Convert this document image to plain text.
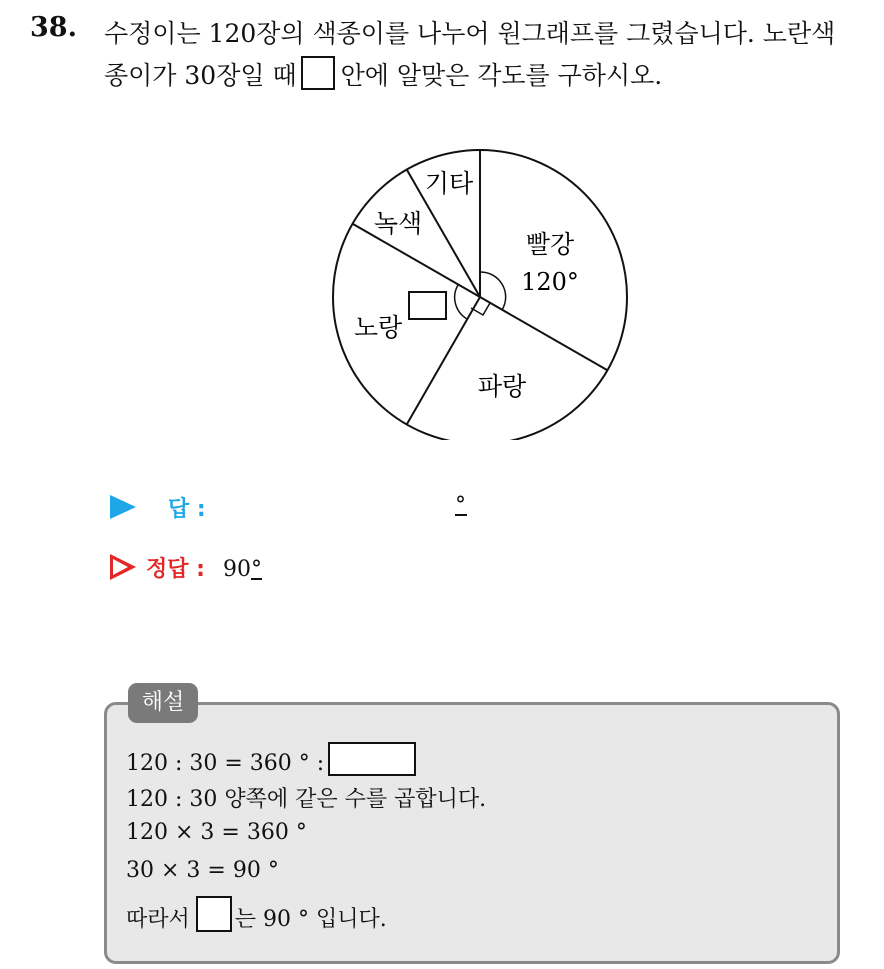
38. 수정이는 120장의 색종이를 나누어 원그래프를 그렸습니다. 노란색
종이가 30장일 때 안에 알맞은 각도를 구하시오.
빨강
120°
파랑
노랑
녹색
기타
답 :	°
정답 : 90°
해설
120 : 30 = 360 ° :
120 : 30 양쪽에 같은 수를 곱합니다.
120 × 3 = 360 °
30 × 3 = 90 °
따라서 는 90 ° 입니다.
